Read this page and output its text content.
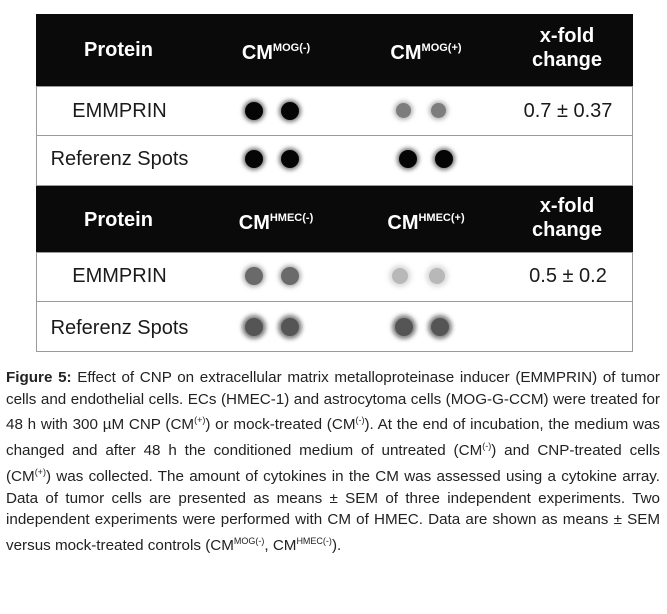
Protein	$CM^{MOG(-)}$	$CM^{MOG(+)}$
x-fold
change
EMMPRIN	0.7 ± 0.37
Referenz Spots
Protein	$CM^{HMEC(-)}$	$CM^{HMEC(+)}$
x-fold
change
EMMPRIN	0.5 ± 0.2
Referenz Spots
Figure 5: Effect of CNP on extracellular matrix metalloproteinase inducer (EMMPRIN) of tumor cells and endothelial cells. ECs (HMEC-1) and astrocytoma cells (MOG-G-CCM) were treated for 48 h with 300 µM CNP (CM(+)) or mock-treated (CM(-)). At the end of incubation, the medium was changed and after 48 h the conditioned medium of untreated (CM(-)) and CNP-treated cells (CM(+)) was collected. The amount of cytokines in the CM was assessed using a cytokine array. Data of tumor cells are presented as means ± SEM of three independent experiments. Two independent experiments were performed with CM of HMEC. Data are shown as means ± SEM versus mock-treated controls ($CM^{MOG(-)}$, $CM^{HMEC(-)}$).
